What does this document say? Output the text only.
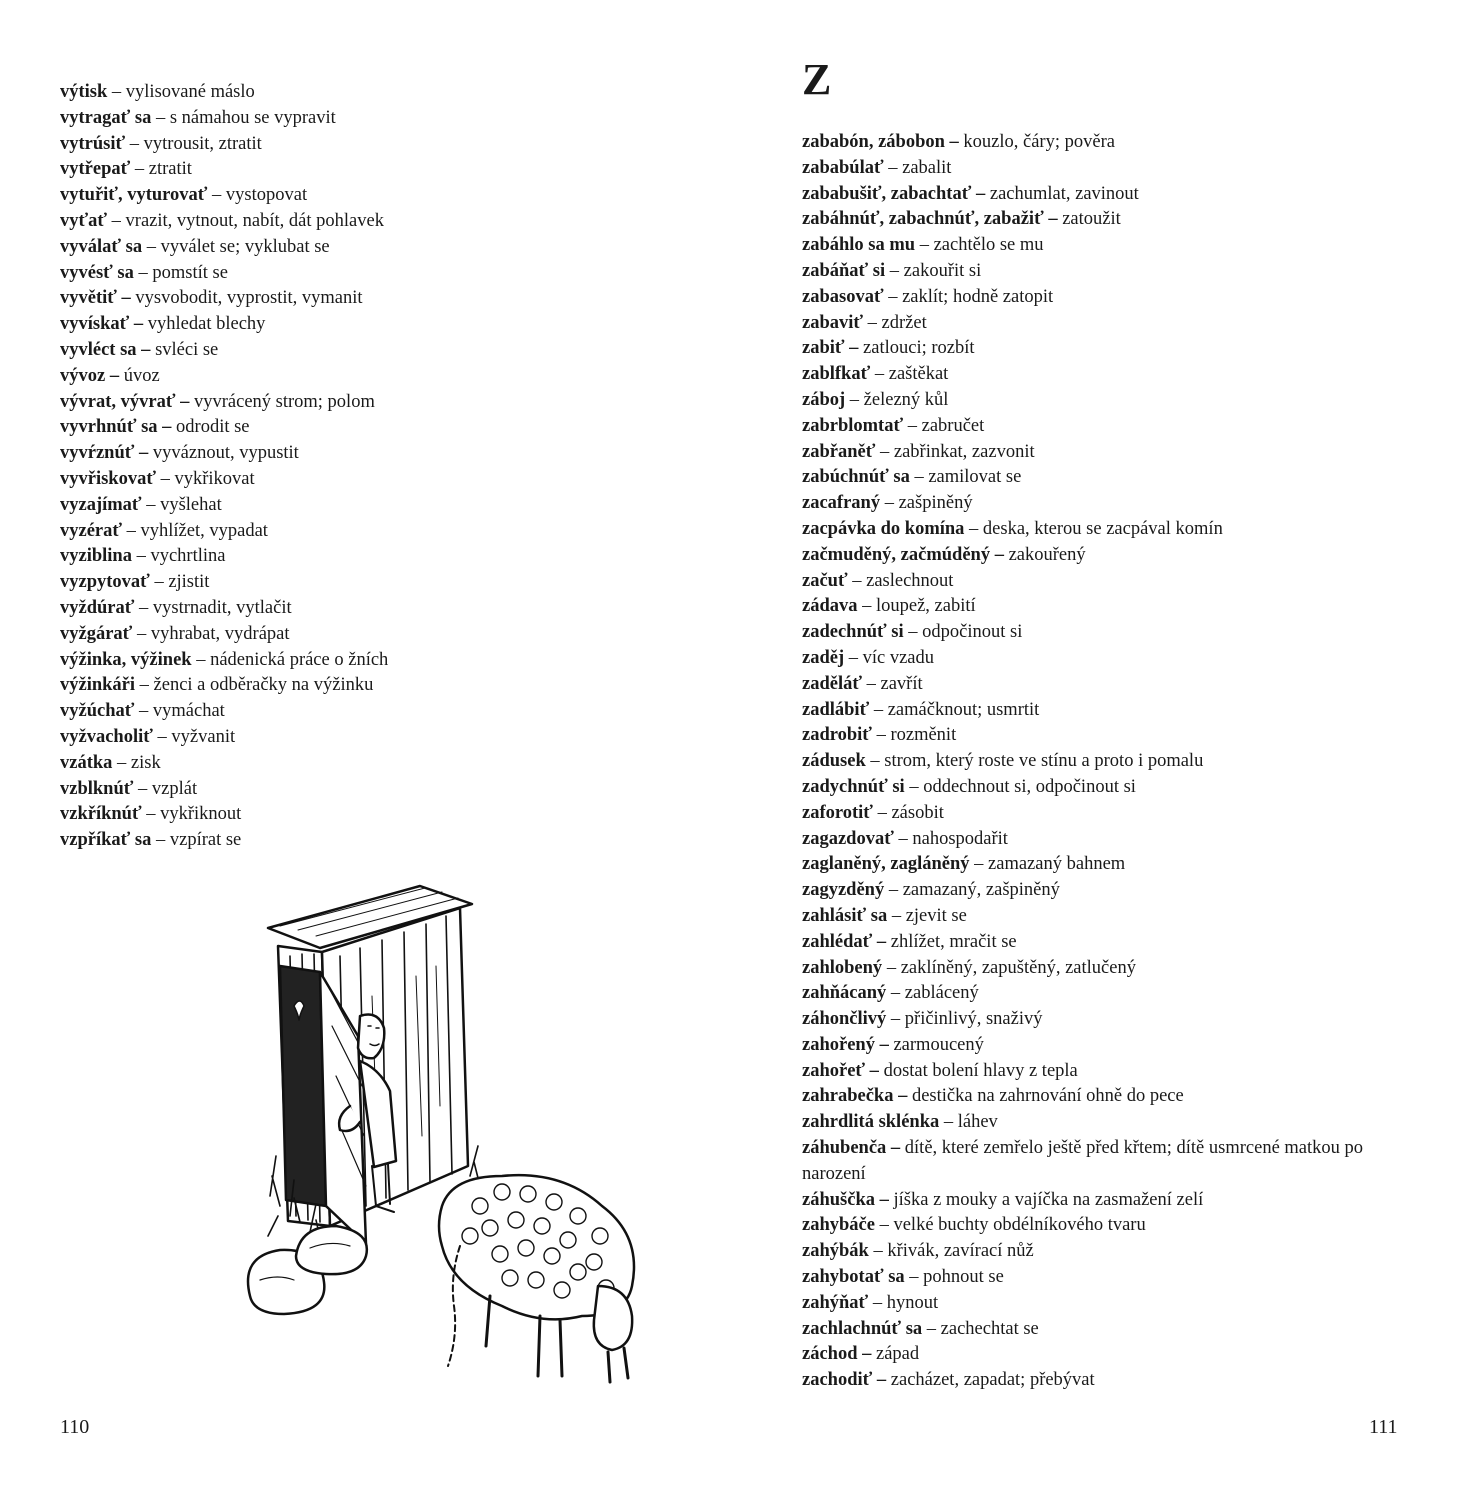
výtisk – vylisované máslo
vytragať sa – s námahou se vypravit
vytrúsiť – vytrousit, ztratit
vytřepať – ztratit
vytuřiť, vyturovať – vystopovat
vyťať – vrazit, vytnout, nabít, dát pohlavek
vyválať sa – vyválet se; vyklubat se
vyvésť sa – pomstít se
vyvětiť – vysvobodit, vyprostit, vymanit
vyvískať – vyhledat blechy
vyvléct sa – svléci se
vývoz – úvoz
vývrat, vývrať – vyvrácený strom; polom
vyvrhnúť sa – odrodit se
vyvŕznúť – vyváznout, vypustit
vyvřiskovať – vykřikovat
vyzajímať – vyšlehat
vyzérať – vyhlížet, vypadat
vyziblina – vychrtlina
vyzpytovať – zjistit
vyždúrať – vystrnadit, vytlačit
vyžgárať – vyhrabat, vydrápat
výžinka, výžinek – nádenická práce o žních
výžinkáři – ženci a odběračky na výžinku
vyžúchať – vymáchat
vyžvacholiť – vyžvanit
vzátka – zisk
vzblknúť – vzplát
vzkříknúť – vykřiknout
vzpříkať sa – vzpírat se
110
Z
zababón, zábobon – kouzlo, čáry; pověra
zababúlať – zabalit
zababušiť, zabachtať – zachumlat, zavinout
zabáhnúť, zabachnúť, zabažiť – zatoužit
zabáhlo sa mu – zachtělo se mu
zabáňať si – zakouřit si
zabasovať – zaklít; hodně zatopit
zabaviť – zdržet
zabiť – zatlouci; rozbít
zablfkať – zaštěkat
záboj – železný kůl
zabrblomtať – zabručet
zabřaněť – zabřinkat, zazvonit
zabúchnúť sa – zamilovat se
zacafraný – zašpiněný
zacpávka do komína – deska, kterou se zacpával komín
začmuděný, začmúděný – zakouřený
začuť – zaslechnout
zádava – loupež, zabití
zadechnúť si – odpočinout si
zaděj – víc vzadu
zaděláť – zavřít
zadlábiť – zamáčknout; usmrtit
zadrobiť – rozměnit
zádusek – strom, který roste ve stínu a proto i pomalu
zadychnúť si – oddechnout si, odpočinout si
zaforotiť – zásobit
zagazdovať – nahospodařit
zaglaněný, zagláněný – zamazaný bahnem
zagyzděný – zamazaný, zašpiněný
zahlásiť sa – zjevit se
zahlédať – zhlížet, mračit se
zahlobený – zaklíněný, zapuštěný, zatlučený
zahňácaný – zablácený
záhončlivý – přičinlivý, snaživý
zahořený – zarmoucený
zahořeť – dostat bolení hlavy z tepla
zahrabečka – destička na zahrnování ohně do pece
zahrdlitá sklénka – láhev
záhubenča – dítě, které zemřelo ještě před křtem; dítě usmrcené matkou po narození
záhuščka – jíška z mouky a vajíčka na zasmažení zelí
zahybáče – velké buchty obdélníkového tvaru
zahýbák – křivák, zavírací nůž
zahybotať sa – pohnout se
zahýňať – hynout
zachlachnúť sa – zachechtat se
záchod – západ
zachodiť – zacházet, zapadat; přebývat
111
